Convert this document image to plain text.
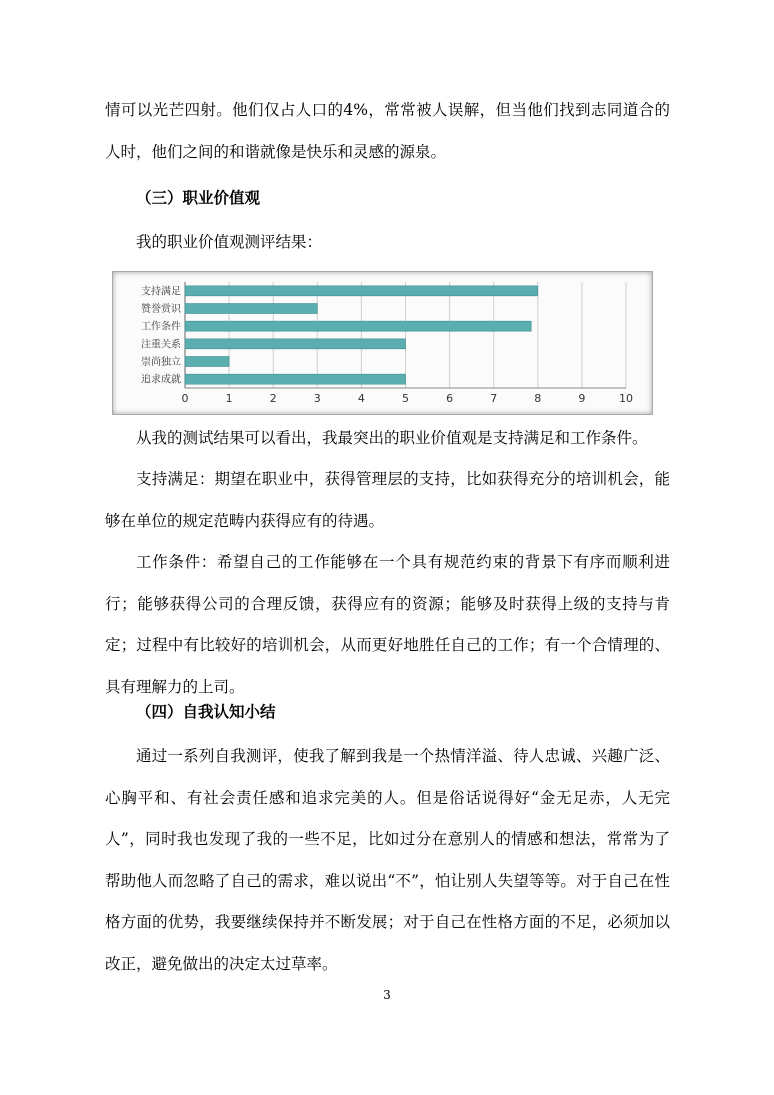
情可以光芒四射。他们仅占人口的4%，常常被人误解，但当他们找到志同道合的人时，他们之间的和谐就像是快乐和灵感的源泉。

（三）职业价值观

我的职业价值观测评结果：

0	1	2	3	4	5	6	7	8	9	10
支持满足
赞誉赏识
工作条件
注重关系
崇尚独立
追求成就

从我的测试结果可以看出，我最突出的职业价值观是支持满足和工作条件。

支持满足：期望在职业中，获得管理层的支持，比如获得充分的培训机会，能够在单位的规定范畴内获得应有的待遇。

工作条件：希望自己的工作能够在一个具有规范约束的背景下有序而顺利进行；能够获得公司的合理反馈，获得应有的资源；能够及时获得上级的支持与肯定；过程中有比较好的培训机会，从而更好地胜任自己的工作；有一个合情理的、具有理解力的上司。

（四）自我认知小结

通过一系列自我测评，使我了解到我是一个热情洋溢、待人忠诚、兴趣广泛、心胸平和、有社会责任感和追求完美的人。但是俗话说得好“金无足赤，人无完人”，同时我也发现了我的一些不足，比如过分在意别人的情感和想法，常常为了帮助他人而忽略了自己的需求，难以说出“不”，怕让别人失望等等。对于自己在性格方面的优势，我要继续保持并不断发展；对于自己在性格方面的不足，必须加以改正，避免做出的决定太过草率。

3
